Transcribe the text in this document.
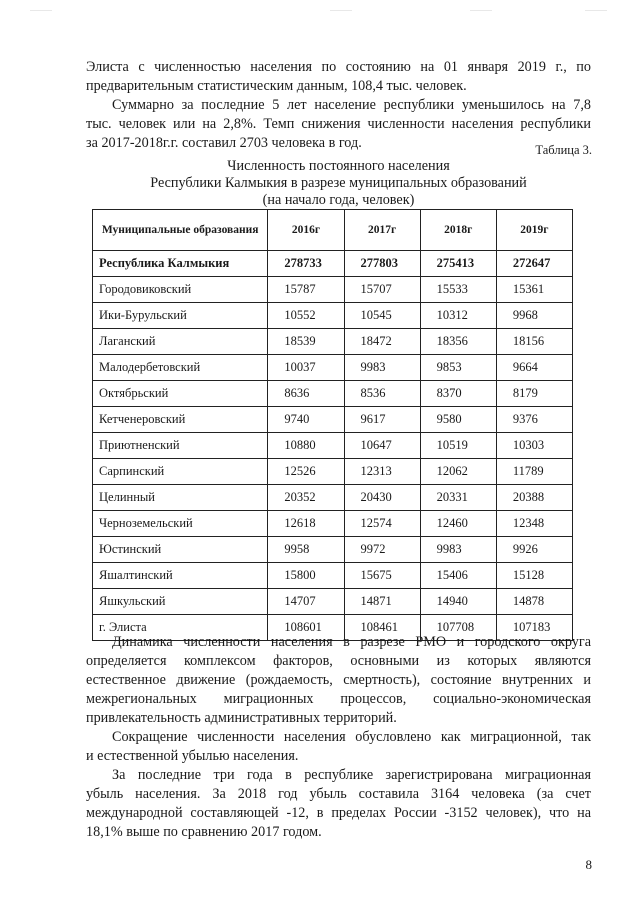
Элиста с численностью населения по состоянию на 01 января 2019 г., по

предварительным статистическим данным, 108,4 тыс. человек.

Суммарно за последние 5 лет население республики уменьшилось на 7,8

тыс. человек или на 2,8%. Темп снижения численности населения республики

за 2017-2018г.г. составил 2703 человека в год.	Таблица 3.

Численность постоянного населения

Республики Калмыкия в разрезе муниципальных образований

(на начало года, человек)

Муниципальные образования	2016г	2017г	2018г	2019г
Республика Калмыкия	278733	277803	275413	272647
Городовиковский	15787	15707	15533	15361
Ики-Бурульский	10552	10545	10312	9968
Лаганский	18539	18472	18356	18156
Малодербетовский	10037	9983	9853	9664
Октябрьский	8636	8536	8370	8179
Кетченеровский	9740	9617	9580	9376
Приютненский	10880	10647	10519	10303
Сарпинский	12526	12313	12062	11789
Целинный	20352	20430	20331	20388
Черноземельский	12618	12574	12460	12348
Юстинский	9958	9972	9983	9926
Яшалтинский	15800	15675	15406	15128
Яшкульский	14707	14871	14940	14878
г. Элиста	108601	108461	107708	107183

Динамика численности населения в разрезе РМО и городского округа

определяется комплексом факторов, основными из которых являются

естественное движение (рождаемость, смертность), состояние внутренних и

межрегиональных миграционных процессов, социально-экономическая

привлекательность административных территорий.

Сокращение численности населения обусловлено как миграционной, так

и естественной убылью населения.

За последние три года в республике зарегистрирована миграционная

убыль населения. За 2018 год убыль составила 3164 человека (за счет

международной составляющей -12, в пределах России -3152 человек), что на

18,1% выше по сравнению 2017 годом.

8
